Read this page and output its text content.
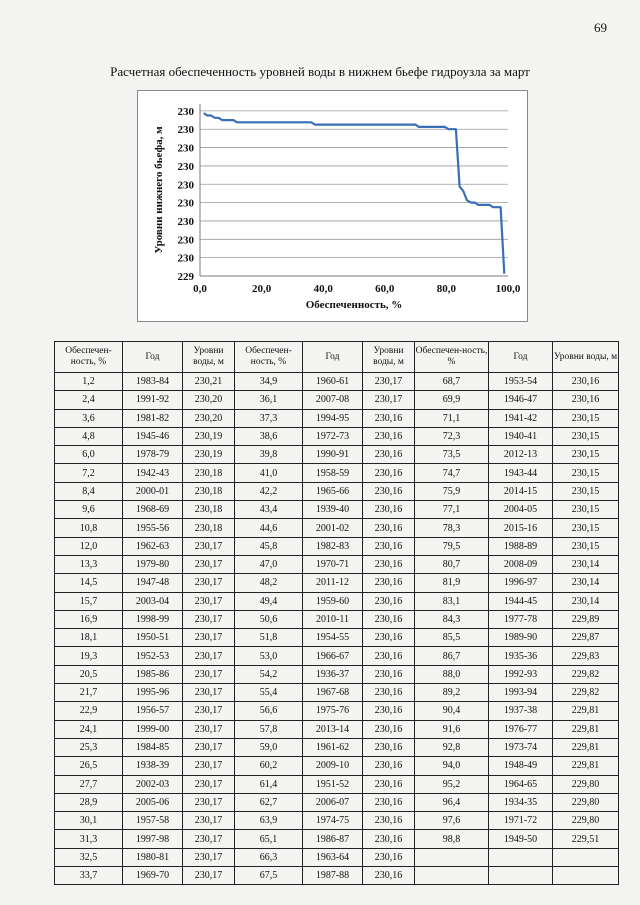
69
Расчетная обеспеченность уровней воды в нижнем бьефе гидроузла за март
229
230
230
230
230
230
230
230
230
230
0,0	20,0	40,0	60,0	80,0	100,0
Обеспеченность, %
Уровни нижнего бьефа, м
Обеспечен-ность, %	Год	Уровни воды, м	Обеспечен-ность, %	Год	Уровни воды, м	Обеспечен-ность, %	Год	Уровни воды, м
1,2	1983-84	230,21	34,9	1960-61	230,17	68,7	1953-54	230,16
2,4	1991-92	230,20	36,1	2007-08	230,17	69,9	1946-47	230,16
3,6	1981-82	230,20	37,3	1994-95	230,16	71,1	1941-42	230,15
4,8	1945-46	230,19	38,6	1972-73	230,16	72,3	1940-41	230,15
6,0	1978-79	230,19	39,8	1990-91	230,16	73,5	2012-13	230,15
7,2	1942-43	230,18	41,0	1958-59	230,16	74,7	1943-44	230,15
8,4	2000-01	230,18	42,2	1965-66	230,16	75,9	2014-15	230,15
9,6	1968-69	230,18	43,4	1939-40	230,16	77,1	2004-05	230,15
10,8	1955-56	230,18	44,6	2001-02	230,16	78,3	2015-16	230,15
12,0	1962-63	230,17	45,8	1982-83	230,16	79,5	1988-89	230,15
13,3	1979-80	230,17	47,0	1970-71	230,16	80,7	2008-09	230,14
14,5	1947-48	230,17	48,2	2011-12	230,16	81,9	1996-97	230,14
15,7	2003-04	230,17	49,4	1959-60	230,16	83,1	1944-45	230,14
16,9	1998-99	230,17	50,6	2010-11	230,16	84,3	1977-78	229,89
18,1	1950-51	230,17	51,8	1954-55	230,16	85,5	1989-90	229,87
19,3	1952-53	230,17	53,0	1966-67	230,16	86,7	1935-36	229,83
20,5	1985-86	230,17	54,2	1936-37	230,16	88,0	1992-93	229,82
21,7	1995-96	230,17	55,4	1967-68	230,16	89,2	1993-94	229,82
22,9	1956-57	230,17	56,6	1975-76	230,16	90,4	1937-38	229,81
24,1	1999-00	230,17	57,8	2013-14	230,16	91,6	1976-77	229,81
25,3	1984-85	230,17	59,0	1961-62	230,16	92,8	1973-74	229,81
26,5	1938-39	230,17	60,2	2009-10	230,16	94,0	1948-49	229,81
27,7	2002-03	230,17	61,4	1951-52	230,16	95,2	1964-65	229,80
28,9	2005-06	230,17	62,7	2006-07	230,16	96,4	1934-35	229,80
30,1	1957-58	230,17	63,9	1974-75	230,16	97,6	1971-72	229,80
31,3	1997-98	230,17	65,1	1986-87	230,16	98,8	1949-50	229,51
32,5	1980-81	230,17	66,3	1963-64	230,16			
33,7	1969-70	230,17	67,5	1987-88	230,16			
